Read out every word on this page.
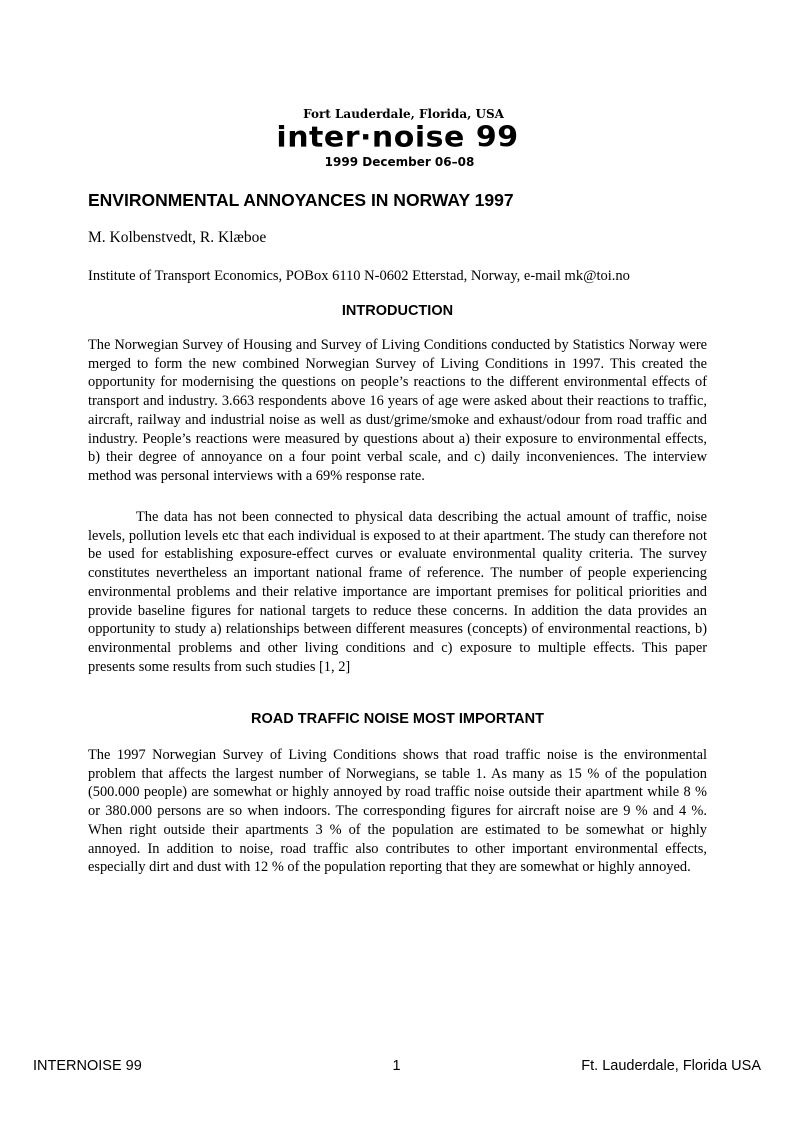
Fort Lauderdale, Florida, USA
inter·noise 99
1999 December 06–08
ENVIRONMENTAL ANNOYANCES IN NORWAY 1997

M. Kolbenstvedt, R. Klæboe

Institute of Transport Economics, POBox 6110 N-0602 Etterstad, Norway, e-mail mk@toi.no

INTRODUCTION

The Norwegian Survey of Housing and Survey of Living Conditions conducted by Statistics Norway were merged to form the new combined Norwegian Survey of Living Conditions in 1997. This created the opportunity for modernising the questions on people’s reactions to the different environmental effects of transport and industry. 3.663 respondents above 16 years of age were asked about their reactions to traffic, aircraft, railway and industrial noise as well as dust/grime/smoke and exhaust/odour from road traffic and industry. People’s reactions were measured by questions about a) their exposure to environmental effects, b) their degree of annoyance on a four point verbal scale, and c) daily inconveniences. The interview method was personal interviews with a 69% response rate.

The data has not been connected to physical data describing the actual amount of traffic, noise levels, pollution levels etc that each individual is exposed to at their apartment. The study can therefore not be used for establishing exposure-effect curves or evaluate environmental quality criteria. The survey constitutes nevertheless an important national frame of reference. The number of people experiencing environmental problems and their relative importance are important premises for political priorities and provide baseline figures for national targets to reduce these concerns. In addition the data provides an opportunity to study a) relationships between different measures (concepts) of environmental reactions, b) environmental problems and other living conditions and c) exposure to multiple effects. This paper presents some results from such studies [1, 2]

ROAD TRAFFIC NOISE MOST IMPORTANT

The 1997 Norwegian Survey of Living Conditions shows that road traffic noise is the environmental problem that affects the largest number of Norwegians, se table 1. As many as 15 % of the population (500.000 people) are somewhat or highly annoyed by road traffic noise outside their apartment while 8 % or 380.000 persons are so when indoors. The corresponding figures for aircraft noise are 9 % and 4 %. When right outside their apartments 3 % of the population are estimated to be somewhat or highly annoyed. In addition to noise, road traffic also contributes to other important environmental effects, especially dirt and dust with 12 % of the population reporting that they are somewhat or highly annoyed.

INTERNOISE 99	1	Ft. Lauderdale, Florida USA
